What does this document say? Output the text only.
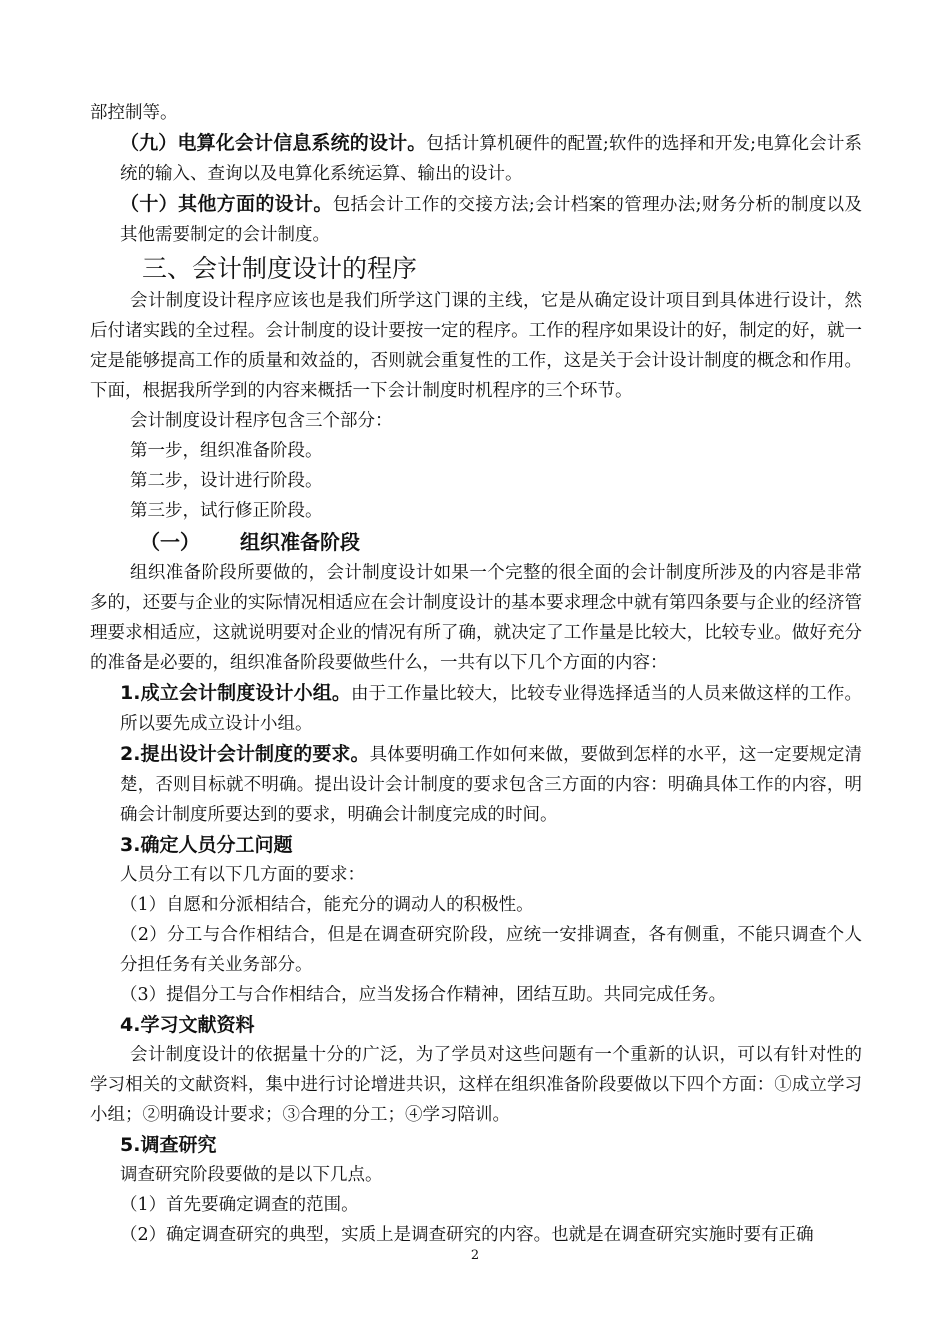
部控制等。

（九）电算化会计信息系统的设计。包括计算机硬件的配置;软件的选择和开发;电算化会计系统的输入、查询以及电算化系统运算、输出的设计。

（十）其他方面的设计。包括会计工作的交接方法;会计档案的管理办法;财务分析的制度以及其他需要制定的会计制度。

三、会计制度设计的程序

会计制度设计程序应该也是我们所学这门课的主线，它是从确定设计项目到具体进行设计，然后付诸实践的全过程。会计制度的设计要按一定的程序。工作的程序如果设计的好，制定的好，就一定是能够提高工作的质量和效益的，否则就会重复性的工作，这是关于会计设计制度的概念和作用。下面，根据我所学到的内容来概括一下会计制度时机程序的三个环节。

会计制度设计程序包含三个部分：

第一步，组织准备阶段。

第二步，设计进行阶段。

第三步，试行修正阶段。

（一） 组织准备阶段

组织准备阶段所要做的，会计制度设计如果一个完整的很全面的会计制度所涉及的内容是非常多的，还要与企业的实际情况相适应在会计制度设计的基本要求理念中就有第四条要与企业的经济管理要求相适应，这就说明要对企业的情况有所了确，就决定了工作量是比较大，比较专业。做好充分的准备是必要的，组织准备阶段要做些什么，一共有以下几个方面的内容：

1.成立会计制度设计小组。由于工作量比较大，比较专业得选择适当的人员来做这样的工作。所以要先成立设计小组。

2.提出设计会计制度的要求。具体要明确工作如何来做，要做到怎样的水平，这一定要规定清楚，否则目标就不明确。提出设计会计制度的要求包含三方面的内容：明确具体工作的内容，明确会计制度所要达到的要求，明确会计制度完成的时间。

3.确定人员分工问题

人员分工有以下几方面的要求：

（1）自愿和分派相结合，能充分的调动人的积极性。

（2）分工与合作相结合，但是在调查研究阶段，应统一安排调查，各有侧重，不能只调查个人分担任务有关业务部分。

（3）提倡分工与合作相结合，应当发扬合作精神，团结互助。共同完成任务。

4.学习文献资料

会计制度设计的依据量十分的广泛，为了学员对这些问题有一个重新的认识，可以有针对性的学习相关的文献资料，集中进行讨论增进共识，这样在组织准备阶段要做以下四个方面：①成立学习小组；②明确设计要求；③合理的分工；④学习陪训。

5.调查研究

调查研究阶段要做的是以下几点。

（1）首先要确定调查的范围。

（2）确定调查研究的典型，实质上是调查研究的内容。也就是在调查研究实施时要有正确

2
